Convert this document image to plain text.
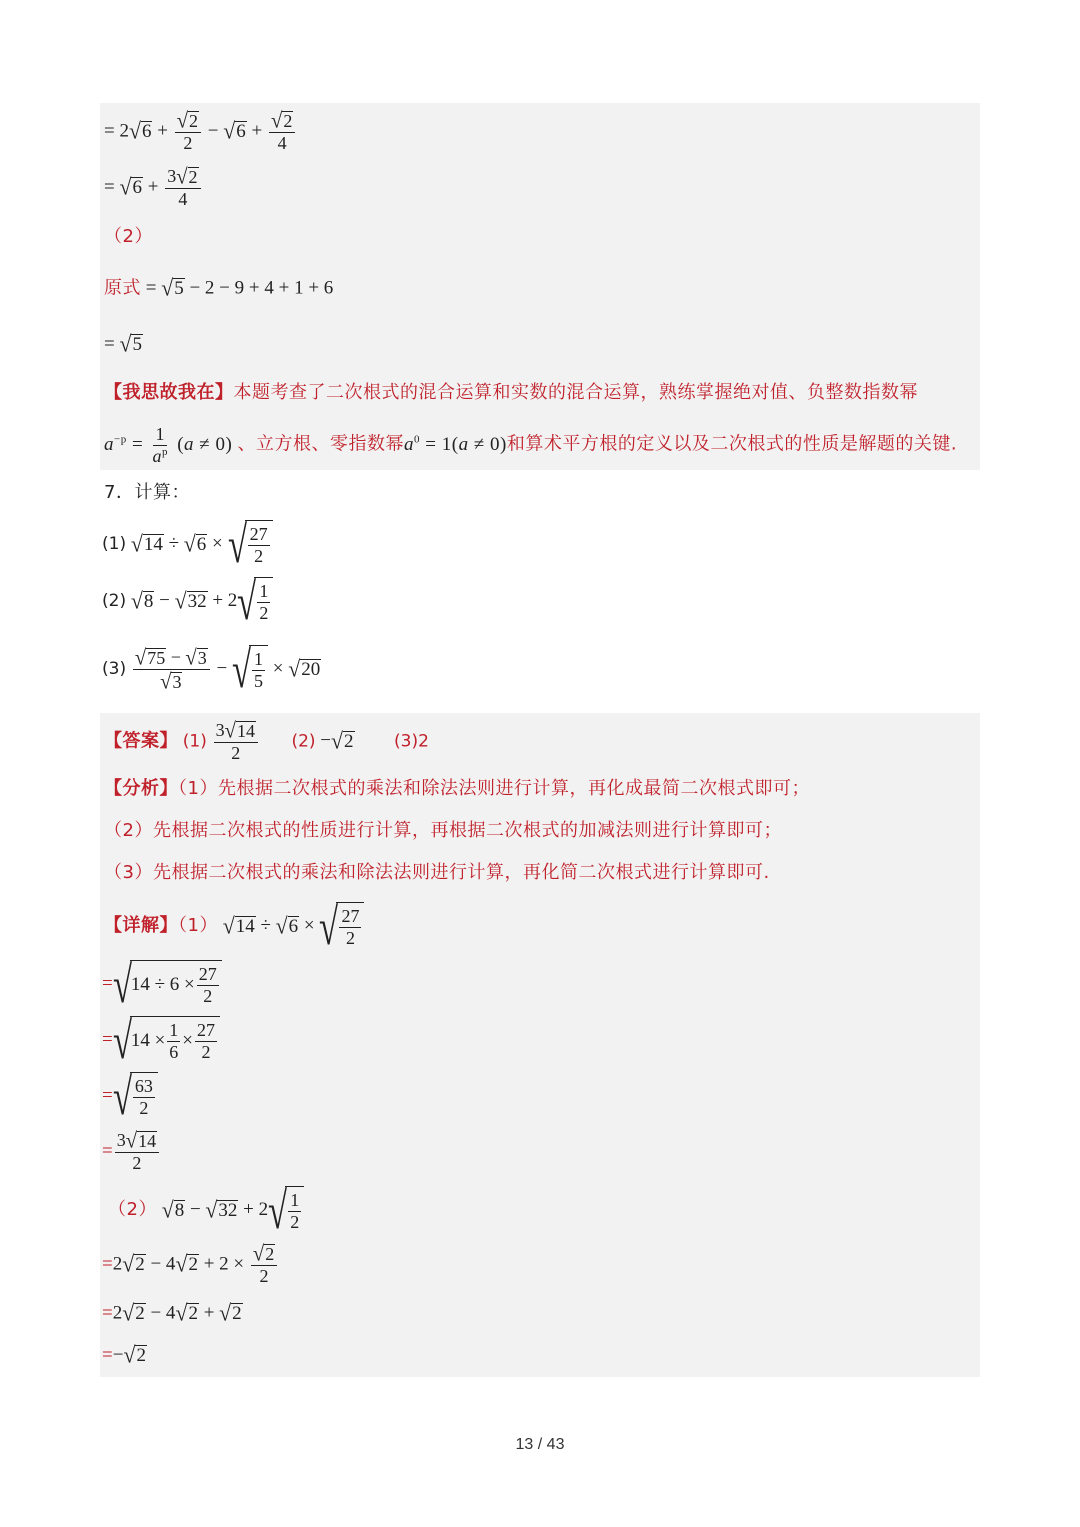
= 2 √ $6 + \frac{√ 2}{2}$ − √ $6 + \frac{√ 2}{4}$
= √ $6 + \frac{3 √ 2}{4}$
（2）
原式 = √ 5 − 2 − 9 + 4 + 1 + 6
= √ 5
【我思故我在】本题考查了二次根式的混合运算和实数的混合运算，熟练掌握绝对值、负整数指数幂
$a^{-p} = \frac{1}{a^p} (a \ne 0)$ 、立方根、零指数幂$a^0 = 1(a \ne 0)$和算术平方根的定义以及二次根式的性质是解题的关键.
7．计算：
(1) √ 14 ÷ √ 6 × √ $\frac{27}{2}$
(2) √ 8 − √ 32 + 2 √ $\frac{1}{2}$
$(3) \frac{√ 75 - √ 3}{√ 3}$ − √ $\frac{1}{5}$ × √ 20
【答案】 $(1) \frac{3 √ 14}{2} (2)$ − √ 2 (3)2
【分析】（1）先根据二次根式的乘法和除法法则进行计算，再化成最简二次根式即可；
（2）先根据二次根式的性质进行计算，再根据二次根式的加减法则进行计算即可；
（3）先根据二次根式的乘法和除法法则进行计算，再化简二次根式进行计算即可.
【详解】（1） √ 14 ÷ √ 6 × √ $\frac{27}{2}$
= √ $14 \div 6 \times \frac{27}{2}$
= √ $14 \times \frac{1}{6} \times \frac{27}{2}$
= √ $\frac{63}{2}$
= $\frac{3 √ 14}{2}$
（2） √ 8 − √ 32 + 2 √ $\frac{1}{2}$
=2 √ 2 − 4 √ $2 + 2 \times \frac{√ 2}{2}$
=2 √ 2 − 4 √ 2 + √ 2
=− √ 2
13 / 43
